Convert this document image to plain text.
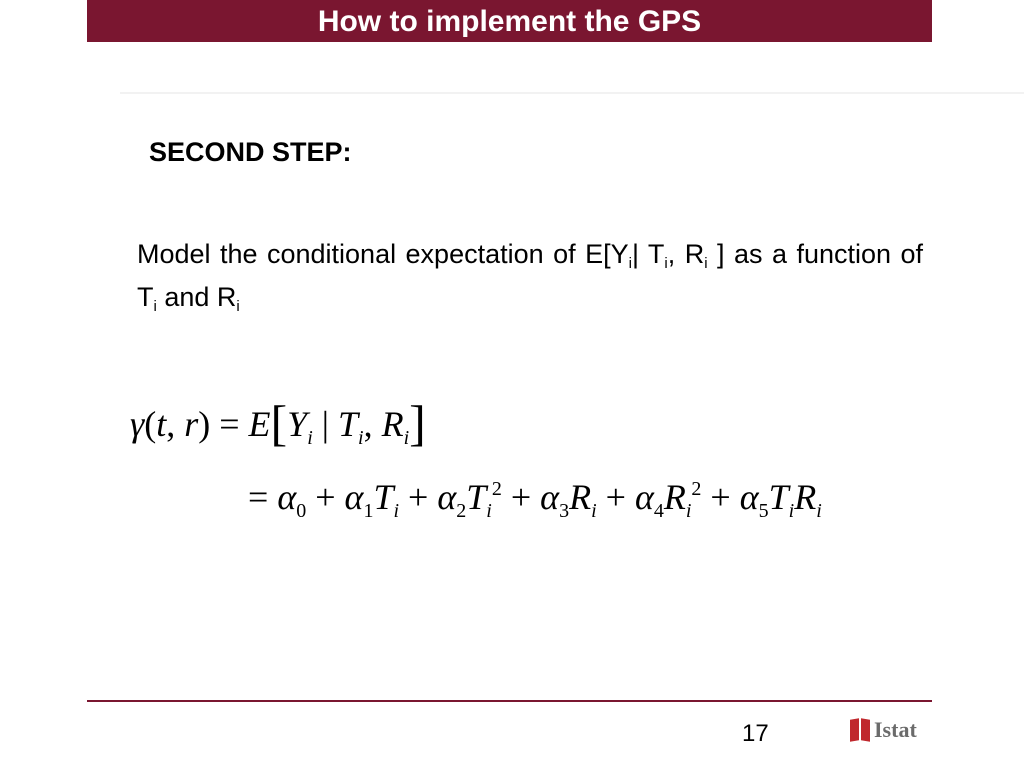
How to implement the GPS
SECOND STEP:
Model the conditional expectation of $E[Y_i|$ $T_i$, $R_i$ ] as a function of $T_i$ and $R_i$
γ(t, $r) = E[Y_i$ | $T_i$, $R_i$]
= $\alpha_0 + \alpha_1T_i + \alpha_2T_i^2 + \alpha_3R_i + \alpha_4R_i^2 + \alpha_5T_iR_i$
17	Istat
